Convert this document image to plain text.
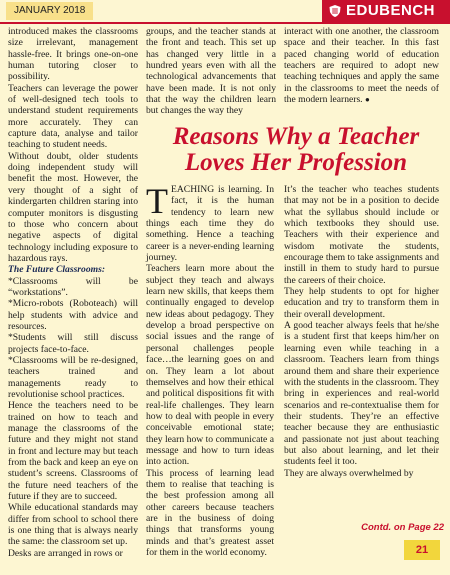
JANUARY 2018	EDUBENCH

introduced makes the classrooms size irrelevant, management hassle-free. It brings one-on-one human tutoring closer to possibility.

Teachers can leverage the power of well-designed tech tools to understand student requirements more accurately. They can capture data, analyse and tailor teaching to student needs.

Without doubt, older students doing independent study will benefit the most. However, the very thought of a sight of kindergarten children staring into computer monitors is disgusting to those who concern about negative aspects of digital technology including exposure to hazardous rays.

The Future Classrooms:

*Classrooms will be “workstations”.

*Micro-robots (Roboteach) will help students with advice and resources.

*Students will still discuss projects face-to-face.

*Classrooms will be re-designed, teachers trained and managements ready to revolutionise school practices.

Hence the teachers need to be trained on how to teach and manage the classrooms of the future and they might not stand in front and lecture may but teach from the back and keep an eye on student’s screens. Classrooms of the future need teachers of the future if they are to succeed.

While educational standards may differ from school to school there is one thing that is always nearly the same: the classroom set up.

Desks are arranged in rows or

groups, and the teacher stands at the front and teach. This set up has changed very little in a hundred years even with all the technological advancements that have been made. It is not only that the way the children learn but changes the way they

interact with one another, the classroom space and their teacher. In this fast paced changing world of education teachers are required to adopt new teaching techniques and apply the same in the classrooms to meet the needs of the modern learners. ●

Reasons Why a Teacher Loves Her Profession

TEACHING is learning. In fact, it is the human tendency to learn new things each time they do something. Hence a teaching career is a never-ending learning journey.

Teachers learn more about the subject they teach and always learn new skills, that keeps them continually engaged to develop new ideas about pedagogy. They develop a broad perspective on social issues and the range of personal challenges people face…the learning goes on and on. They learn a lot about themselves and how their ethical and political dispositions fit with real-life challenges. They learn how to deal with people in every conceivable emotional state; they learn how to communicate a message and how to turn ideas into action.

This process of learning lead them to realise that teaching is the best profession among all other careers because teachers are in the business of doing things that transforms young minds and that’s greatest asset for them in the world economy.

It’s the teacher who teaches students that may not be in a position to decide what the syllabus should include or which textbooks they should use. Teachers with their experience and wisdom motivate the students, encourage them to take assignments and instill in them to study hard to pursue the careers of their choice.

They help students to opt for higher education and try to transform them in their overall development.

A good teacher always feels that he/she is a student first that keeps him/her on learning even while teaching in a classroom. Teachers learn from things around them and share their experience with the students in the classroom. They bring in experiences and real-world scenarios and re-contextualise them for their students. They’re an effective teacher because they are enthusiastic and passionate not just about teaching but also about learning, and let their students feel it too.

They are always overwhelmed by

Contd. on Page 22
21
